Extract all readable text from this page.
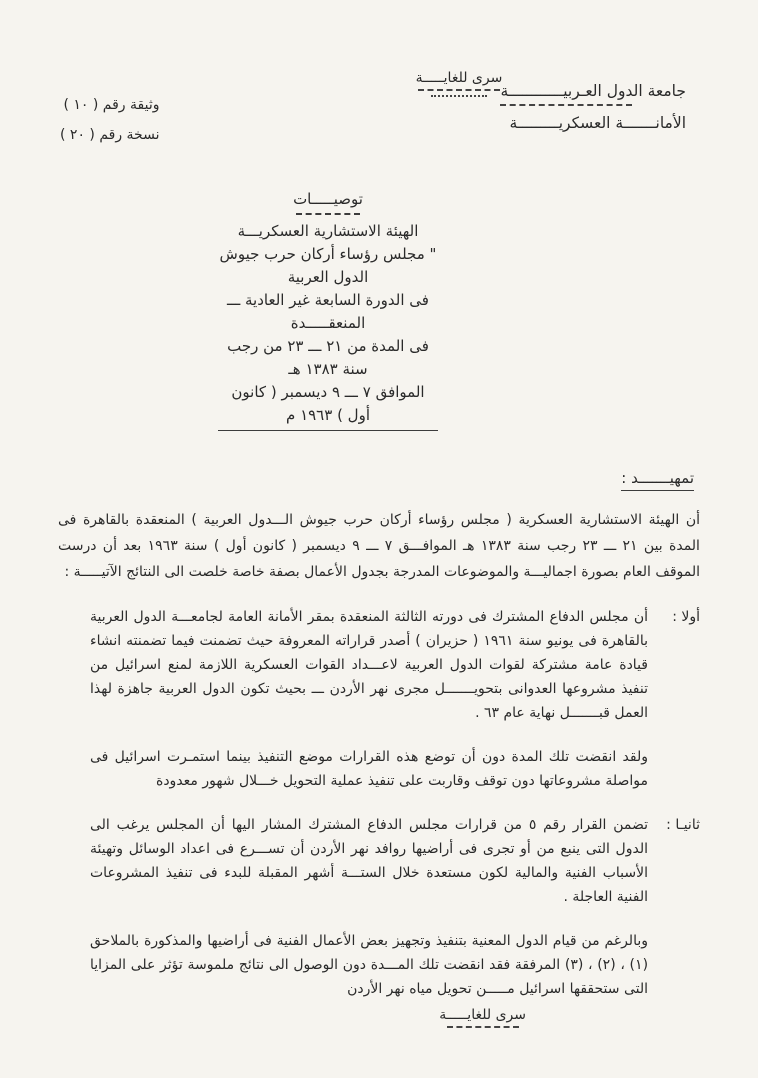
سرى للغايـــــة
جامعة الدول العـربيــــــــــــة
الأمانـــــــة العسكريـــــــــة
وثيقة رقم ( ١٠ )
نسخة رقم ( ٢٠ )
توصيـــــات
الهيئة الاستشارية العسكريـــة
" مجلس رؤساء أركان حرب جيوش الدول العربية
فى الدورة السابعة غير العادية ـــ المنعقـــــدة
فى المدة من ٢١ ـــ ٢٣ من رجب سنة ١٣٨٣ هـ
الموافق ٧ ـــ ٩ ديسمبر ( كانون أول ) ١٩٦٣ م
تمهيـــــــد :
أن الهيئة الاستشارية العسكرية ( مجلس رؤساء أركان حرب جيوش الـــدول العربية ) المنعقدة بالقاهرة فى المدة بين ٢١ ـــ ٢٣ رجب سنة ١٣٨٣ هـ الموافـــق ٧ ـــ ٩ ديسمبر ( كانون أول ) سنة ١٩٦٣ بعد أن درست الموقف العام بصورة اجماليـــة والموضوعات المدرجة بجدول الأعمال بصفة خاصة خلصت الى النتائج الآتيـــــة :
أولا :

أن مجلس الدفاع المشترك فى دورته الثالثة المنعقدة بمقر الأمانة العامة لجامعـــة الدول العربية بالقاهرة فى يونيو سنة ١٩٦١ ( حزيران ) أصدر قراراته المعروفة حيث تضمنت فيما تضمنته انشاء قيادة عامة مشتركة لقوات الدول العربية لاعـــداد القوات العسكرية اللازمة لمنع اسرائيل من تنفيذ مشروعها العدوانى بتحويـــــــل مجرى نهر الأردن ـــ بحيث تكون الدول العربية جاهزة لهذا العمل قبـــــــل نهاية عام ٦٣ .

ولقد انقضت تلك المدة دون أن توضع هذه القرارات موضع التنفيذ بينما استمـرت اسرائيل فى مواصلة مشروعاتها دون توقف وقاربت على تنفيذ عملية التحويل خـــلال شهور معدودة

ثانيـا :

تضمن القرار رقم ٥ من قرارات مجلس الدفاع المشترك المشار اليها أن المجلس يرغب الى الدول التى ينبع من أو تجرى فى أراضيها روافد نهر الأردن أن تســـرع فى اعداد الوسائل وتهيئة الأسباب الفنية والمالية لكون مستعدة خلال الستـــة أشهر المقبلة للبدء فى تنفيذ المشروعات الفنية العاجلة .

وبالرغم من قيام الدول المعنية بتنفيذ وتجهيز بعض الأعمال الفنية فى أراضيها والمذكورة بالملاحق (١) ، (٢) ، (٣) المرفقة فقد انقضت تلك المـــدة دون الوصول الى نتائج ملموسة تؤثر على المزايا التى ستحققها اسرائيل مـــــن تحويل مياه نهر الأردن

سرى للغايـــــة
